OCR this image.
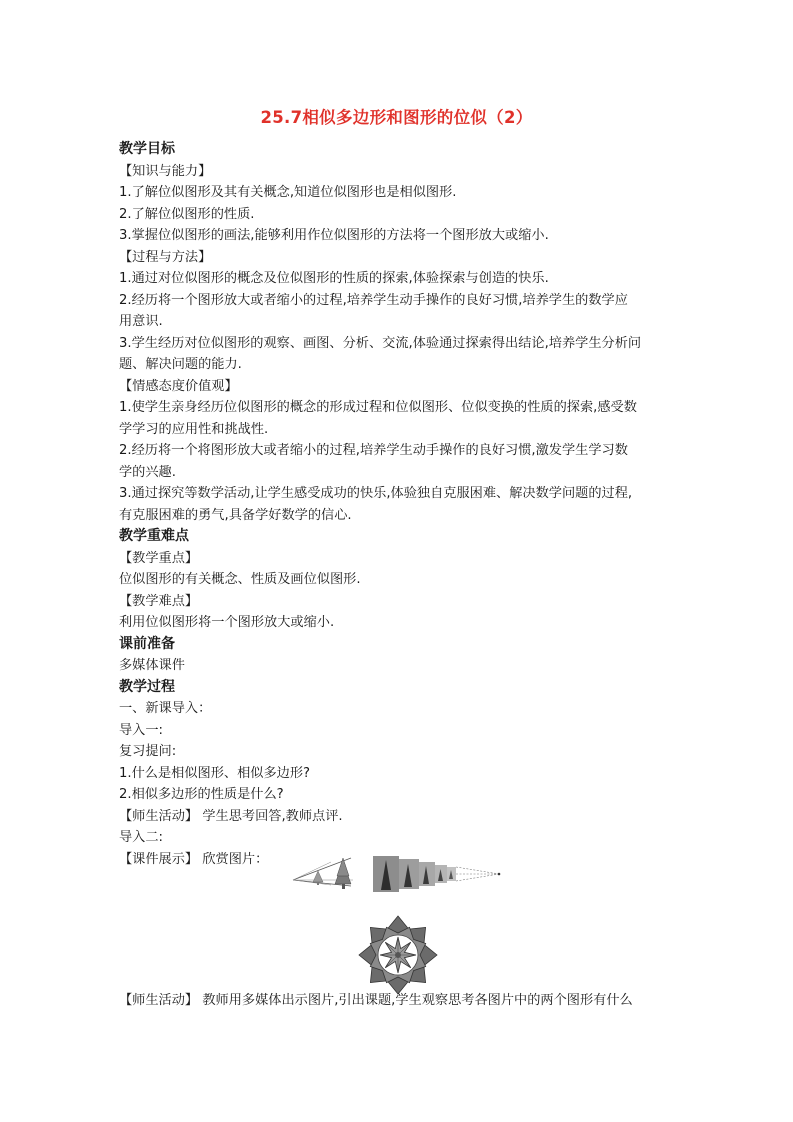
25.7相似多边形和图形的位似（2）
教学目标
【知识与能力】
1.了解位似图形及其有关概念,知道位似图形也是相似图形.
2.了解位似图形的性质.
3.掌握位似图形的画法,能够利用作位似图形的方法将一个图形放大或缩小.
【过程与方法】
1.通过对位似图形的概念及位似图形的性质的探索,体验探索与创造的快乐.
2.经历将一个图形放大或者缩小的过程,培养学生动手操作的良好习惯,培养学生的数学应
用意识.
3.学生经历对位似图形的观察、画图、分析、交流,体验通过探索得出结论,培养学生分析问
题、解决问题的能力.
【情感态度价值观】
1.使学生亲身经历位似图形的概念的形成过程和位似图形、位似变换的性质的探索,感受数
学学习的应用性和挑战性.
2.经历将一个将图形放大或者缩小的过程,培养学生动手操作的良好习惯,激发学生学习数
学的兴趣.
3.通过探究等数学活动,让学生感受成功的快乐,体验独自克服困难、解决数学问题的过程,
有克服困难的勇气,具备学好数学的信心.
教学重难点
【教学重点】
位似图形的有关概念、性质及画位似图形.
【教学难点】
利用位似图形将一个图形放大或缩小.
课前准备
多媒体课件
教学过程
一、新课导入：
导入一:
复习提问:
1.什么是相似图形、相似多边形?
2.相似多边形的性质是什么?
【师生活动】 学生思考回答,教师点评.
导入二:
【课件展示】 欣赏图片：
【师生活动】 教师用多媒体出示图片,引出课题,学生观察思考各图片中的两个图形有什么
